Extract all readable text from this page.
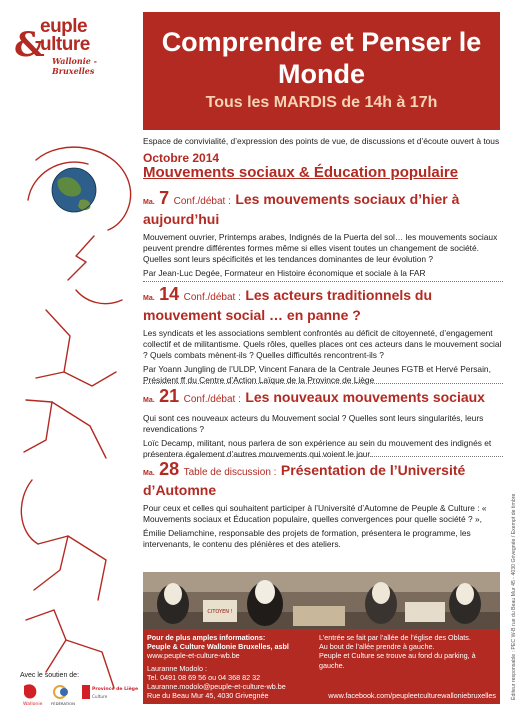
&
euple
ulture
Wallonie - Bruxelles
Comprendre et Penser le Monde
Tous les MARDIS de 14h à 17h
Espace de convivialité, d’expression des points de vue, de discussions et d’écoute ouvert à tous
Octobre 2014
Mouvements sociaux & Éducation populaire
Ma. 7 Conf./débat : Les mouvements sociaux d’hier à aujourd’hui
Mouvement ouvrier, Printemps arabes, Indignés de la Puerta del sol… les mouvements sociaux peuvent prendre différentes formes même si elles visent toutes un changement de société. Quelles sont leurs spécificités et les tendances dominantes de leur évolution ?
Par Jean-Luc Degée, Formateur en Histoire économique et sociale à la FAR
Ma. 14 Conf./débat : Les acteurs traditionnels du mouvement social … en panne ?
Les syndicats et les associations semblent confrontés au déficit de citoyenneté, d’engagement collectif et de militantisme. Quels rôles, quelles places ont ces acteurs dans le mouvement social ? Quels combats mènent-ils ? Quelles difficultés rencontrent-ils ?
Par Yoann Jungling de l’ULDP, Vincent Fanara de la Centrale Jeunes FGTB et Hervé Persain, Président ff du Centre d’Action Laïque de la Province de Liège
Ma. 21 Conf./débat : Les nouveaux mouvements sociaux
Qui sont ces nouveaux acteurs du Mouvement social ? Quelles sont leurs singularités, leurs revendications ?
Loïc Decamp, militant, nous parlera de son expérience au sein du mouvement des indignés et présentera également d’autres mouvements qui voient le jour.
Ma. 28 Table de discussion : Présentation de l’Université d’Automne
Pour ceux et celles qui souhaitent participer à l’Université d’Automne de Peuple & Culture : « Mouvements sociaux et Éducation populaire, quelles convergences pour quelle société ? »,
Émilie Deliamchine, responsable des projets de formation, présentera le programme, les intervenants, le contenu des plénières et des ateliers.
CITOYEN !
Pour de plus amples informations:
Peuple & Culture Wallonie Bruxelles, asbl
www.peuple-et-culture-wb.be
Lauranne Modolo :
Tel. 0491 08 69 56 ou 04 368 82 32
Lauranne.modolo@peuple-et-culture-wb.be
Rue du Beau Mur 45, 4030 Grivegnée
L’entrée se fait par l’allée de l’église des Oblats.
Au bout de l’allée prendre à gauche.
Peuple et Culture se trouve au fond du parking, à gauche.
www.facebook.com/peupleetculturewalloniebruxelles
Avec le soutien de:
Wallonie FÉDÉRATION
Province de Liège
Culture	Éditeur responsable : PEC W-B rue du Beau Mur 45 - 4030 Grivegnée / Exempt de timbre
